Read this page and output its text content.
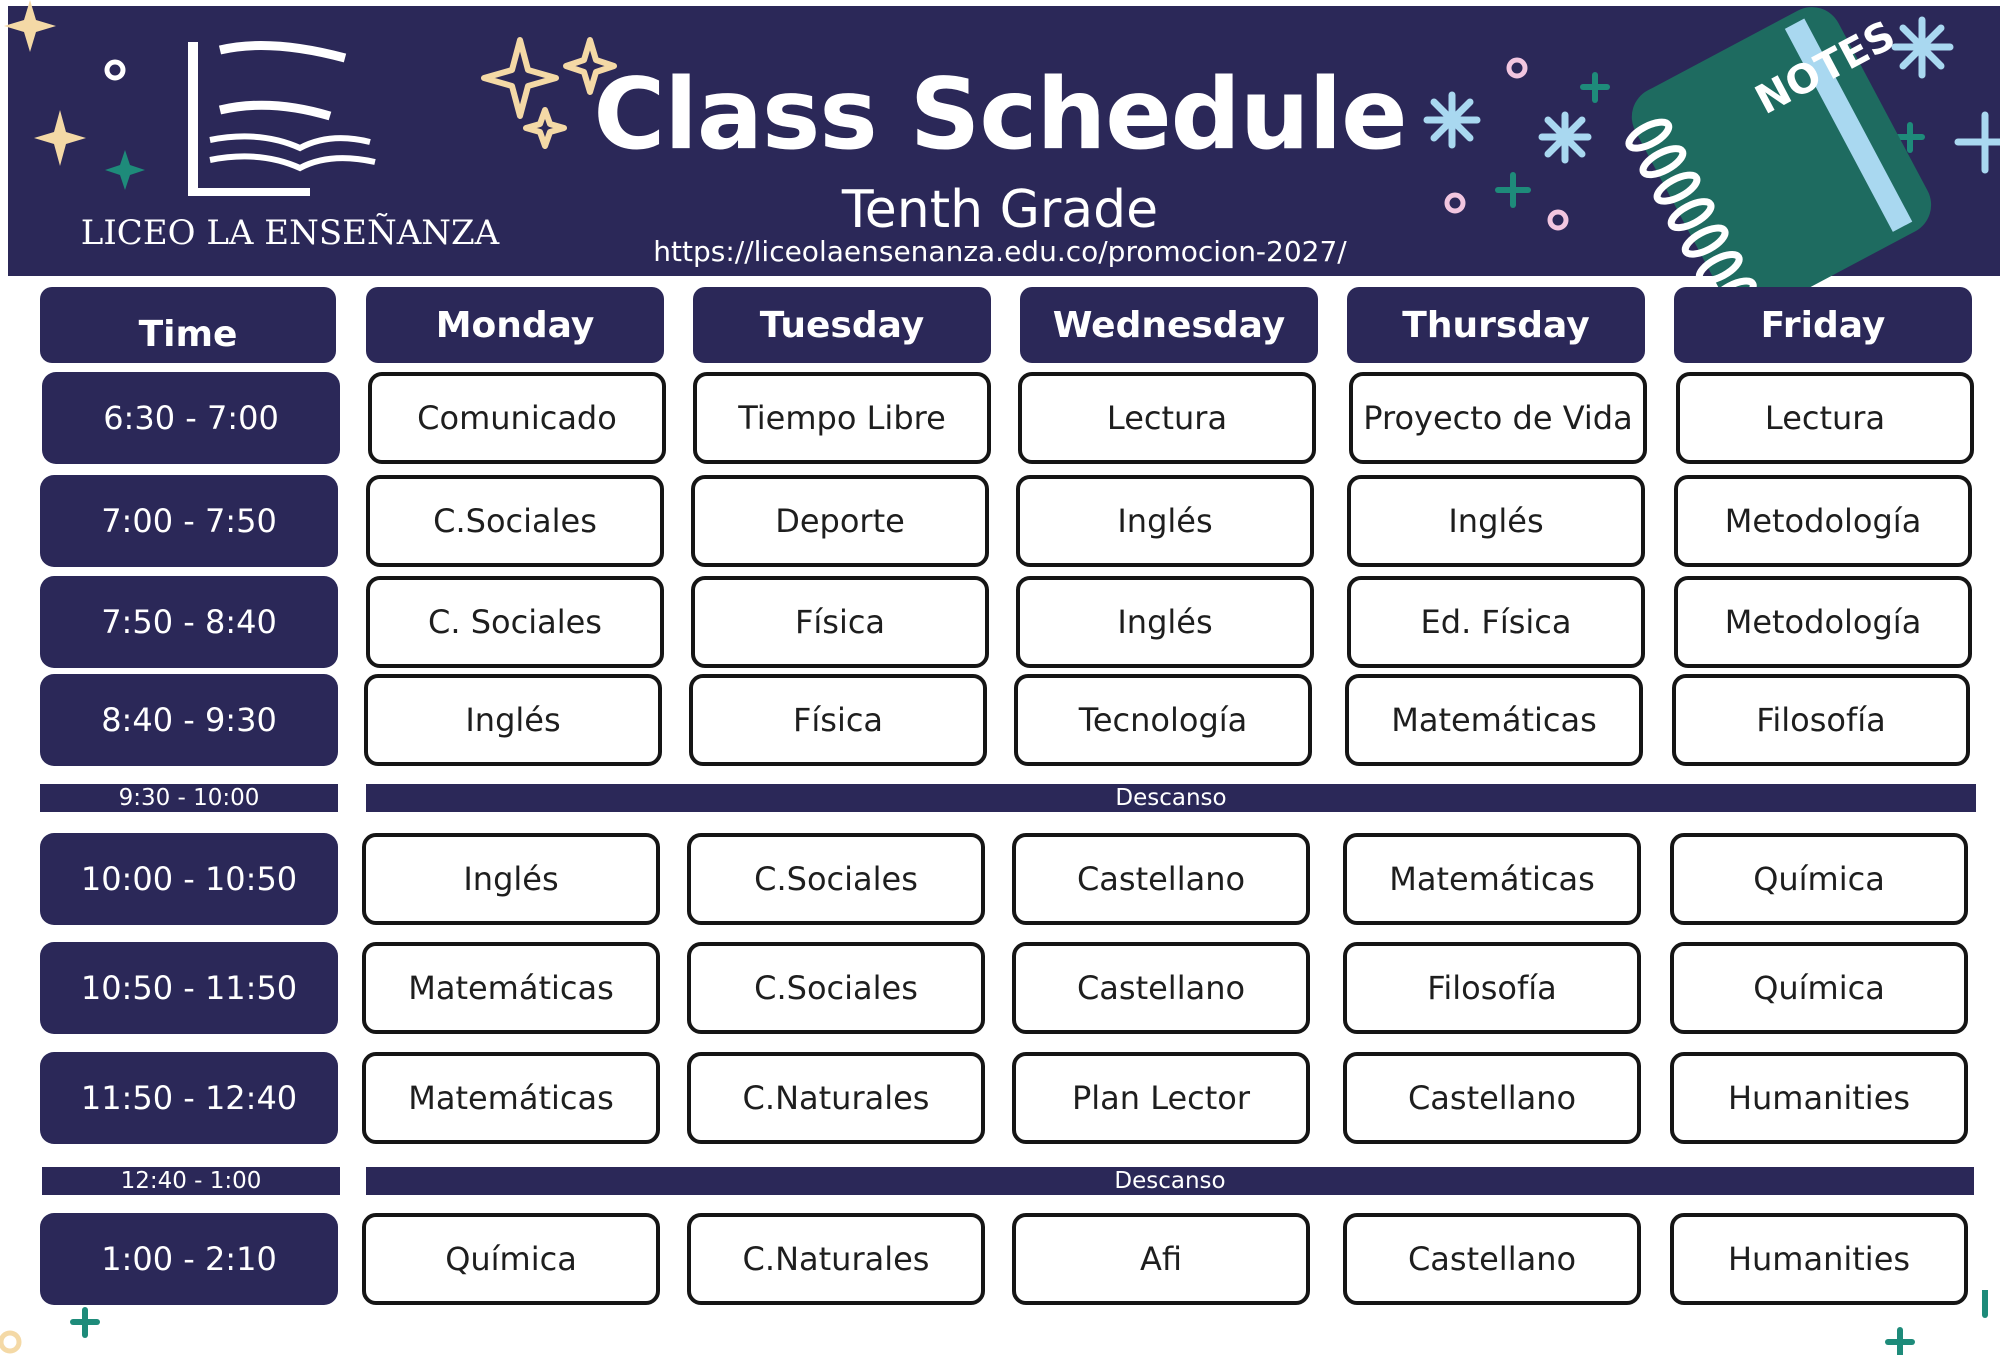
LICEO LA ENSEÑANZA
NOTES
Class Schedule
Tenth Grade
https://liceolaensenanza.edu.co/promocion-2027/
Time	Monday	Tuesday	Wednesday	Thursday	Friday
6:30 - 7:00	Comunicado	Tiempo Libre	Lectura	Proyecto de Vida	Lectura
7:00 - 7:50	C.Sociales	Deporte	Inglés	Inglés	Metodología
7:50 - 8:40	C. Sociales	Física	Inglés	Ed. Física	Metodología
8:40 - 9:30	Inglés	Física	Tecnología	Matemáticas	Filosofía
9:30 - 10:00	Descanso
10:00 - 10:50	Inglés	C.Sociales	Castellano	Matemáticas	Química
10:50 - 11:50	Matemáticas	C.Sociales	Castellano	Filosofía	Química
11:50 - 12:40	Matemáticas	C.Naturales	Plan Lector	Castellano	Humanities
12:40 - 1:00	Descanso
1:00 - 2:10	Química	C.Naturales	Afi	Castellano	Humanities
